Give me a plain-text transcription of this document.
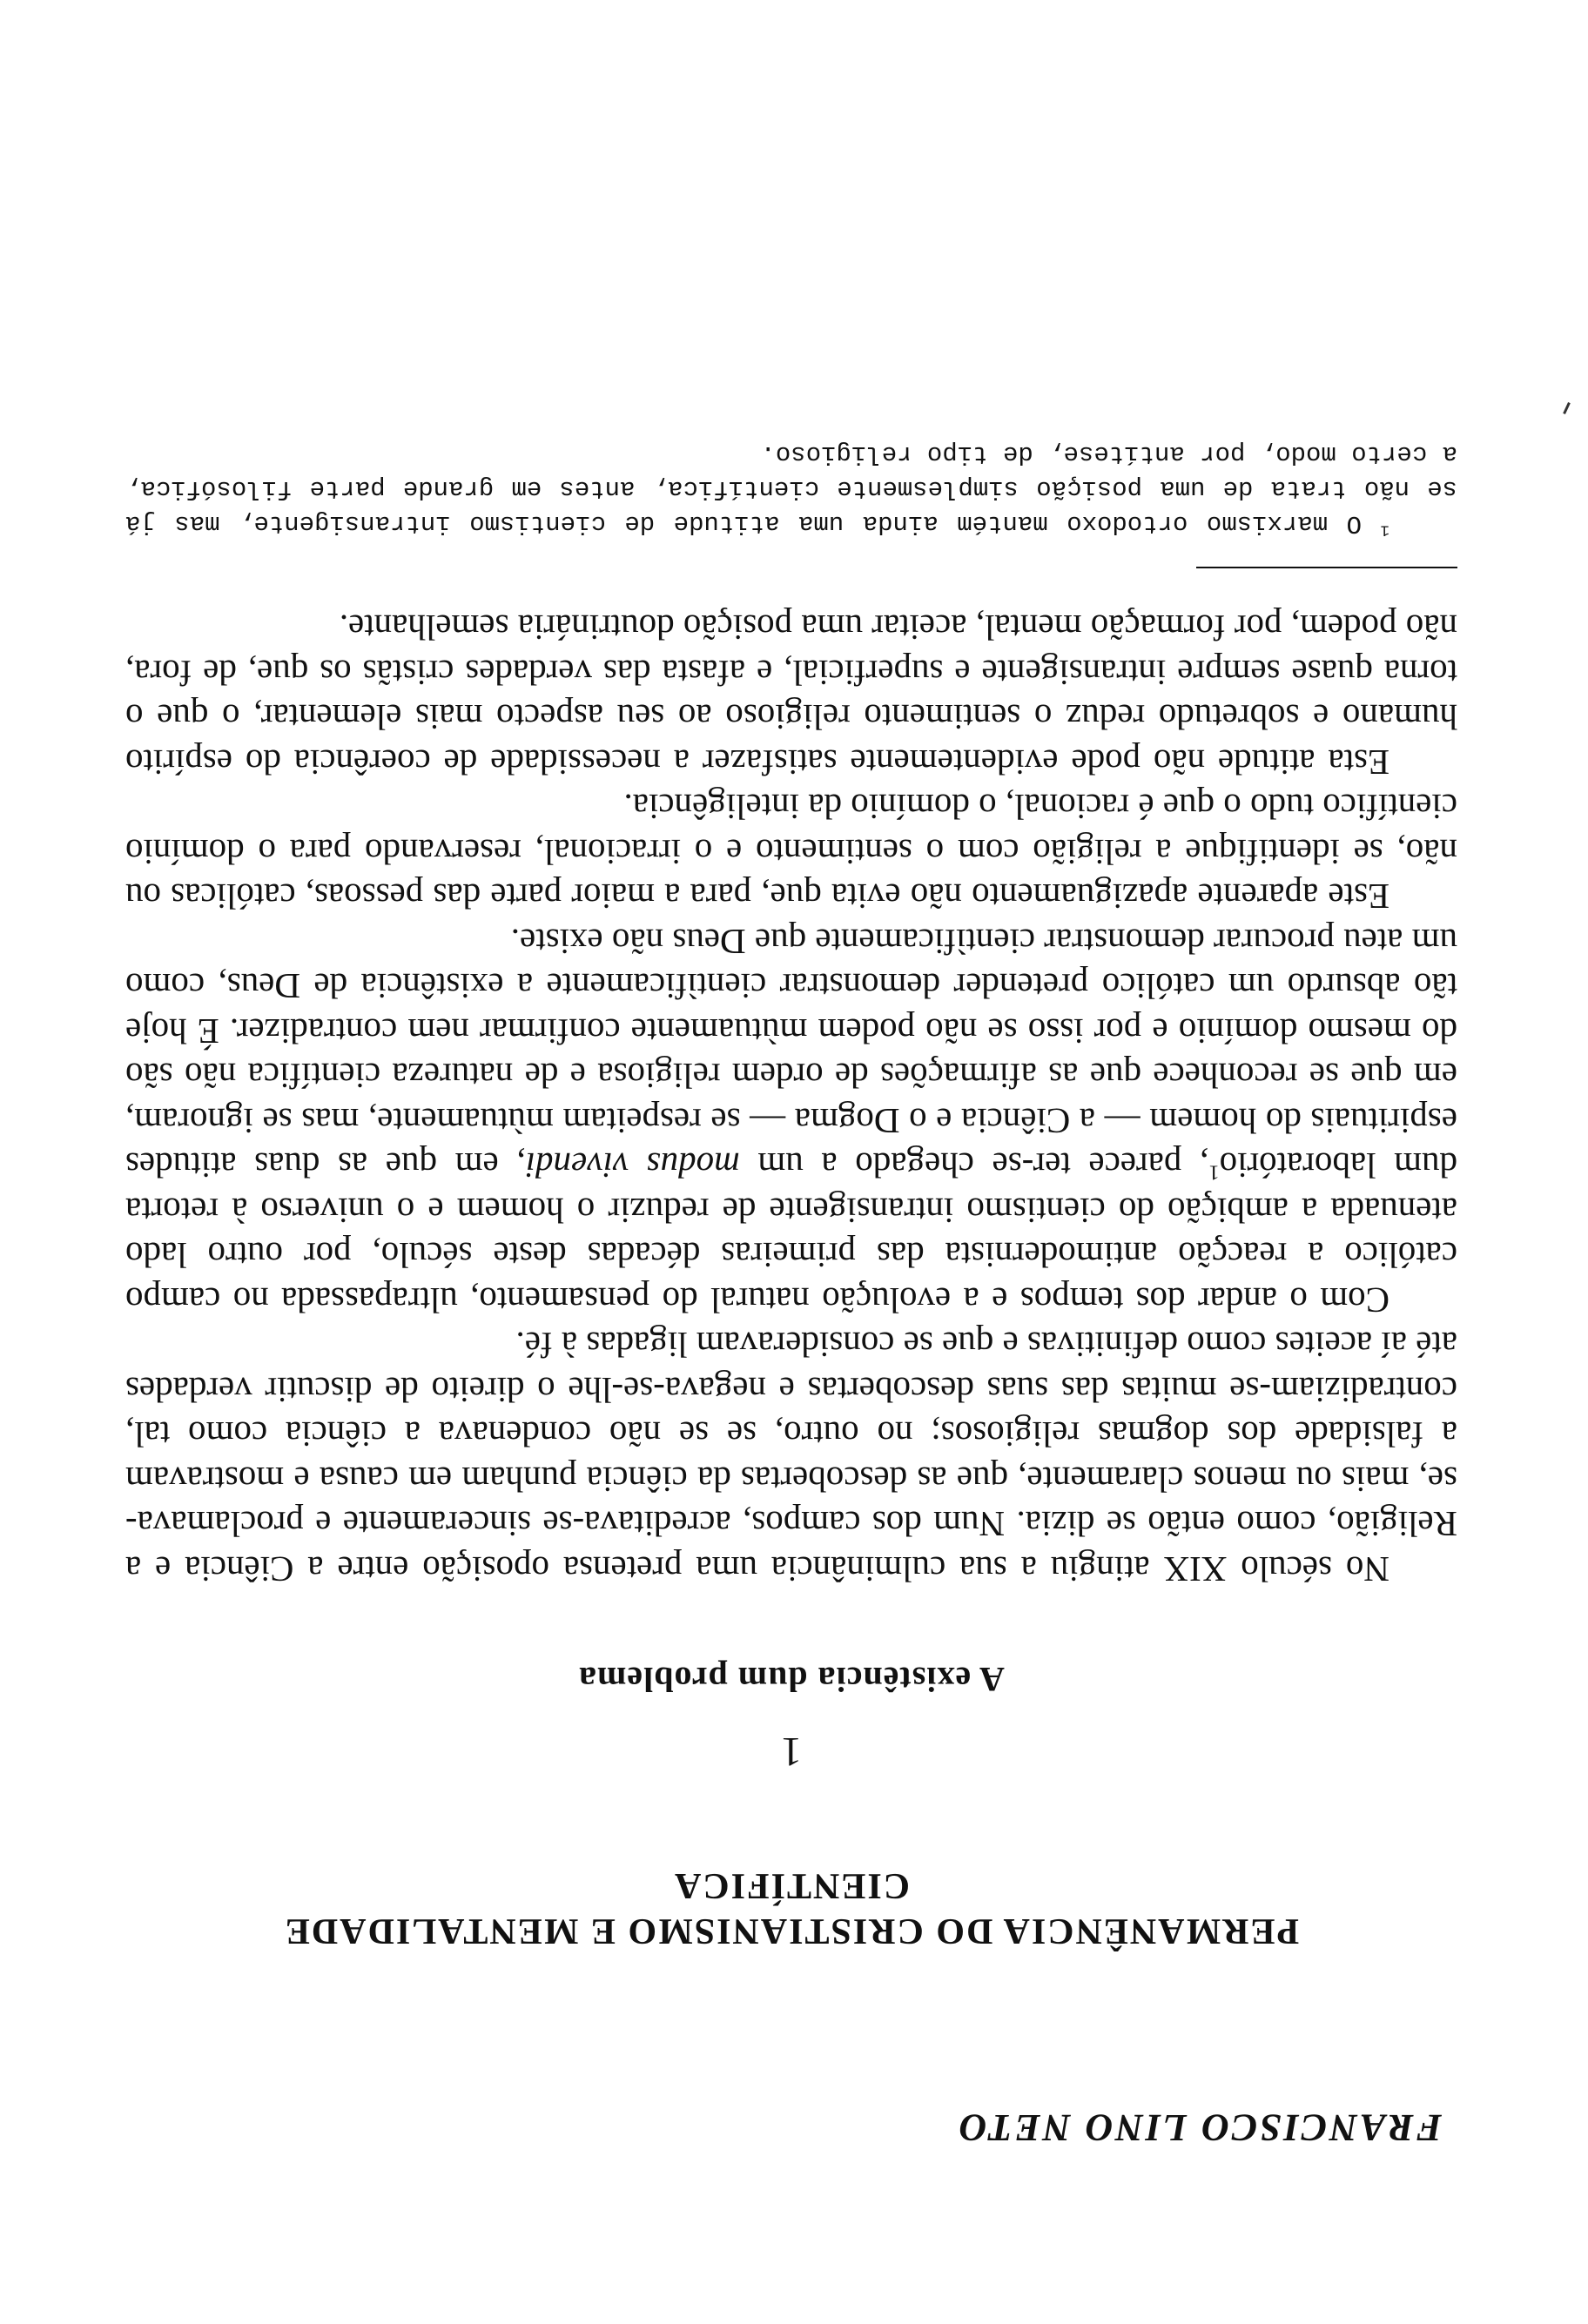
FRANCISCO LINO NETO
PERMANÊNCIA DO CRISTIANISMO E MENTALIDADE
CIENTÍFICA
1
A existência dum problema

No século XIX atingiu a sua culminância uma pretensa oposição entre a Ciência e a Religião, como então se dizia. Num dos campos, acreditava-se sinceramente e proclamava-se, mais ou menos claramente, que as descobertas da ciência punham em causa e mostravam a falsidade dos dogmas religiosos; no outro, se se não condenava a ciência como tal, contradiziam-se muitas das suas descobertas e negava-se-lhe o direito de discutir verdades até aí aceites como definitivas e que se consideravam ligadas à fé.

Com o andar dos tempos e a evolução natural do pensamento, ultrapassada no campo católico a reacção antimodernista das primeiras décadas deste século, por outro lado atenuada a ambição do cientismo intransigente de reduzir o homem e o universo à retorta dum laboratório$^1$, parece ter-se chegado a um modus vivendi, em que as duas atitudes espirituais do homem — a Ciência e o Dogma — se respeitam mùtuamente, mas se ignoram, em que se reconhece que as afirmações de ordem religiosa e de natureza científica não são do mesmo domínio e por isso se não podem mùtuamente confirmar nem contradizer. É hoje tão absurdo um católico pretender demonstrar cientìficamente a existência de Deus, como um ateu procurar demonstrar cientìficamente que Deus não existe.

Este aparente apaziguamento não evita que, para a maior parte das pessoas, católicas ou não, se identifique a religião com o sentimento e o irracional, reservando para o domínio científico tudo o que é racional, o domínio da inteligência.

Esta atitude não pode evidentemente satisfazer a necessidade de coerência do espírito humano e sobretudo reduz o sentimento religioso ao seu aspecto mais elementar, o que o torna quase sempre intransigente e superficial, e afasta das verdades cristãs os que, de fora, não podem, por formação mental, aceitar uma posição doutrinária semelhante.

$^1$ O marxismo ortodoxo mantém ainda uma atitude de cientismo intransigente, mas já se não trata de uma posição simplesmente científica, antes em grande parte filosófica, a certo modo, por antítese, de tipo religioso.
